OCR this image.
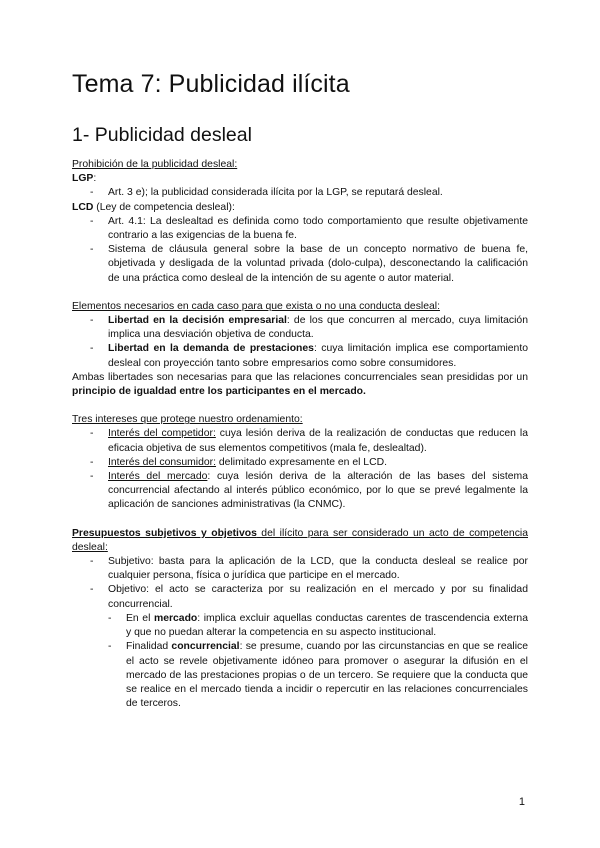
Tema 7: Publicidad ilícita
1- Publicidad desleal

Prohibición de la publicidad desleal:

LGP:

- Art. 3 e); la publicidad considerada ilícita por la LGP, se reputará desleal.

LCD (Ley de competencia desleal):

- Art. 4.1: La deslealtad es definida como todo comportamiento que resulte objetivamente contrario a las exigencias de la buena fe.
- Sistema de cláusula general sobre la base de un concepto normativo de buena fe, objetivada y desligada de la voluntad privada (dolo-culpa), desconectando la calificación de una práctica como desleal de la intención de su agente o autor material.

Elementos necesarios en cada caso para que exista o no una conducta desleal:

- Libertad en la decisión empresarial: de los que concurren al mercado, cuya limitación implica una desviación objetiva de conducta.
- Libertad en la demanda de prestaciones: cuya limitación implica ese comportamiento desleal con proyección tanto sobre empresarios como sobre consumidores.

Ambas libertades son necesarias para que las relaciones concurrenciales sean presididas por un principio de igualdad entre los participantes en el mercado.

Tres intereses que protege nuestro ordenamiento:

- Interés del competidor: cuya lesión deriva de la realización de conductas que reducen la eficacia objetiva de sus elementos competitivos (mala fe, deslealtad).
- Interés del consumidor: delimitado expresamente en el LCD.
- Interés del mercado: cuya lesión deriva de la alteración de las bases del sistema concurrencial afectando al interés público económico, por lo que se prevé legalmente la aplicación de sanciones administrativas (la CNMC).

Presupuestos subjetivos y objetivos del ilícito para ser considerado un acto de competencia desleal:

- Subjetivo: basta para la aplicación de la LCD, que la conducta desleal se realice por cualquier persona, física o jurídica que participe en el mercado.
- Objetivo: el acto se caracteriza por su realización en el mercado y por su finalidad concurrencial.
- En el mercado: implica excluir aquellas conductas carentes de trascendencia externa y que no puedan alterar la competencia en su aspecto institucional.
- Finalidad concurrencial: se presume, cuando por las circunstancias en que se realice el acto se revele objetivamente idóneo para promover o asegurar la difusión en el mercado de las prestaciones propias o de un tercero. Se requiere que la conducta que se realice en el mercado tienda a incidir o repercutir en las relaciones concurrenciales de terceros.
1
